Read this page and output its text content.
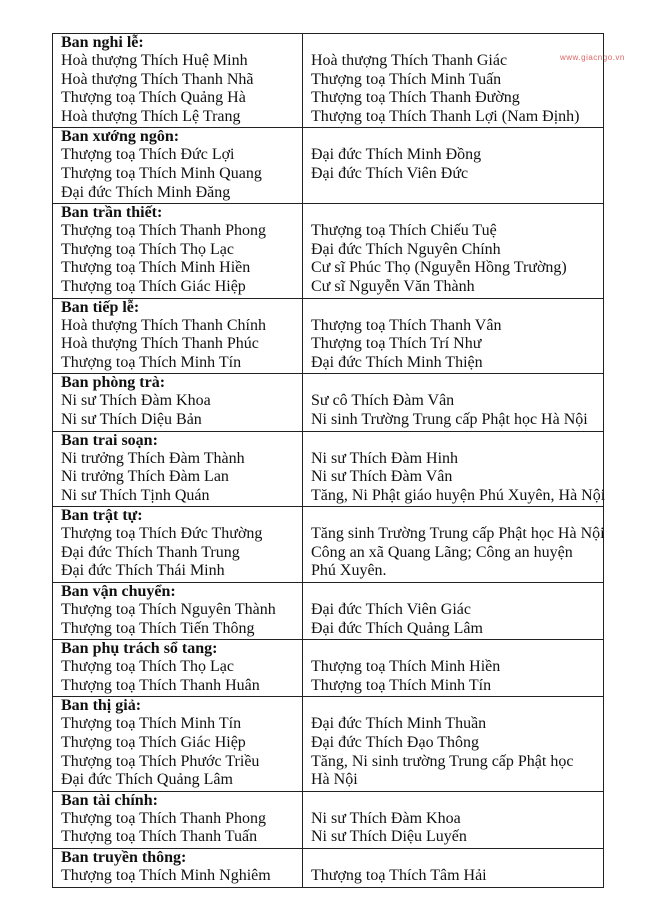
www.giacngo.vn
Ban nghi lễ:
Hoà thượng Thích Huệ Minh
Hoà thượng Thích Thanh Nhã
Thượng toạ Thích Quảng Hà
Hoà thượng Thích Lệ Trang
Hoà thượng Thích Thanh Giác
Thượng toạ Thích Minh Tuấn
Thượng toạ Thích Thanh Đường
Thượng toạ Thích Thanh Lợi (Nam Định)
Ban xướng ngôn:
Thượng toạ Thích Đức Lợi
Thượng toạ Thích Minh Quang
Đại đức Thích Minh Đăng
Đại đức Thích Minh Đồng
Đại đức Thích Viên Đức
Ban trần thiết:
Thượng toạ Thích Thanh Phong
Thượng toạ Thích Thọ Lạc
Thượng toạ Thích Minh Hiền
Thượng toạ Thích Giác Hiệp
Thượng toạ Thích Chiếu Tuệ
Đại đức Thích Nguyên Chính
Cư sĩ Phúc Thọ (Nguyễn Hồng Trường)
Cư sĩ Nguyễn Văn Thành
Ban tiếp lễ:
Hoà thượng Thích Thanh Chính
Hoà thượng Thích Thanh Phúc
Thượng toạ Thích Minh Tín
Thượng toạ Thích Thanh Vân
Thượng toạ Thích Trí Như
Đại đức Thích Minh Thiện
Ban phòng trà:
Ni sư Thích Đàm Khoa
Ni sư Thích Diệu Bản
Sư cô Thích Đàm Vân
Ni sinh Trường Trung cấp Phật học Hà Nội
Ban trai soạn:
Ni trưởng Thích Đàm Thành
Ni trưởng Thích Đàm Lan
Ni sư Thích Tịnh Quán
Ni sư Thích Đàm Hinh
Ni sư Thích Đàm Vân
Tăng, Ni Phật giáo huyện Phú Xuyên, Hà Nội
Ban trật tự:
Thượng toạ Thích Đức Thường
Đại đức Thích Thanh Trung
Đại đức Thích Thái Minh
Tăng sinh Trường Trung cấp Phật học Hà Nội
Công an xã Quang Lãng; Công an huyện
Phú Xuyên.
Ban vận chuyển:
Thượng toạ Thích Nguyên Thành
Thượng toạ Thích Tiến Thông
Đại đức Thích Viên Giác
Đại đức Thích Quảng Lâm
Ban phụ trách sổ tang:
Thượng toạ Thích Thọ Lạc
Thượng toạ Thích Thanh Huân
Thượng toạ Thích Minh Hiền
Thượng toạ Thích Minh Tín
Ban thị giả:
Thượng toạ Thích Minh Tín
Thượng toạ Thích Giác Hiệp
Thượng toạ Thích Phước Triều
Đại đức Thích Quảng Lâm
Đại đức Thích Minh Thuần
Đại đức Thích Đạo Thông
Tăng, Ni sinh trường Trung cấp Phật học
Hà Nội
Ban tài chính:
Thượng toạ Thích Thanh Phong
Thượng toạ Thích Thanh Tuấn
Ni sư Thích Đàm Khoa
Ni sư Thích Diệu Luyến
Ban truyền thông:
Thượng toạ Thích Minh Nghiêm	Thượng toạ Thích Tâm Hải
